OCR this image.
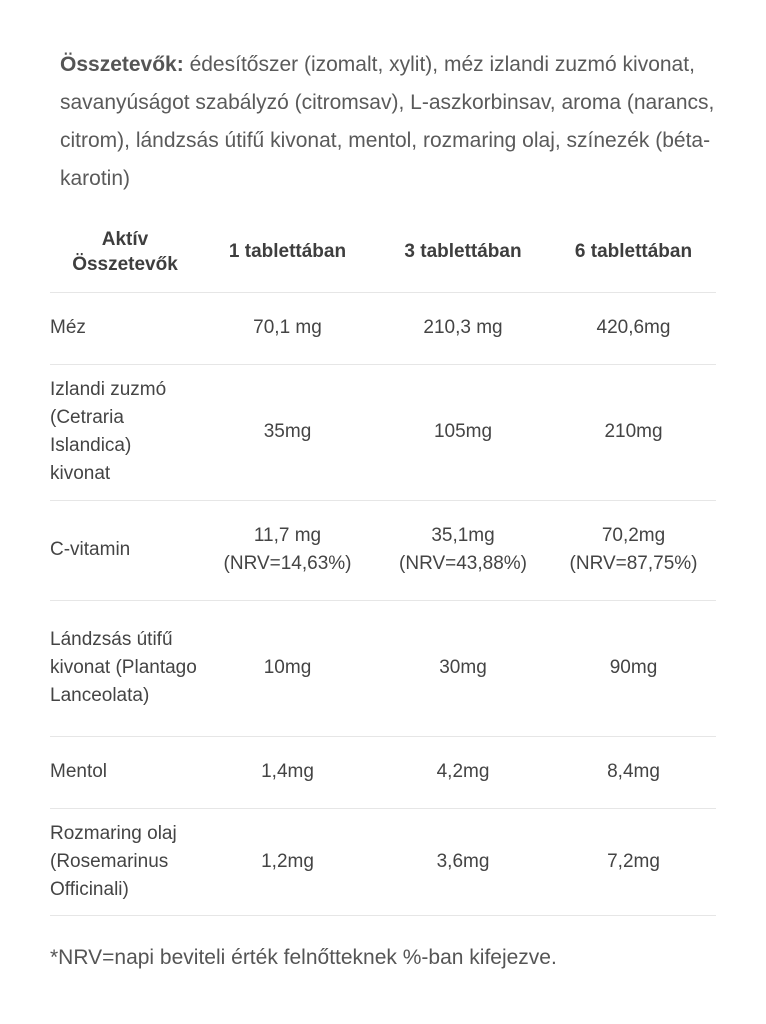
Összetevők: édesítőszer (izomalt, xylit), méz izlandi zuzmó kivonat, savanyúságot szabályzó (citromsav), L-aszkorbinsav, aroma (narancs, citrom), lándzsás útifű kivonat, mentol, rozmaring olaj, színezék (béta-karotin)

Aktív Összetevők	1 tablettában	3 tablettában	6 tablettában
Méz	70,1 mg	210,3 mg	420,6mg
Izlandi zuzmó (Cetraria Islandica) kivonat	35mg	105mg	210mg
C-vitamin	11,7 mg (NRV=14,63%)	35,1mg (NRV=43,88%)	70,2mg (NRV=87,75%)
Lándzsás útifű kivonat (Plantago Lanceolata)	10mg	30mg	90mg
Mentol	1,4mg	4,2mg	8,4mg
Rozmaring olaj (Rosemarinus Officinali)	1,2mg	3,6mg	7,2mg

*NRV=napi beviteli érték felnőtteknek %-ban kifejezve.
